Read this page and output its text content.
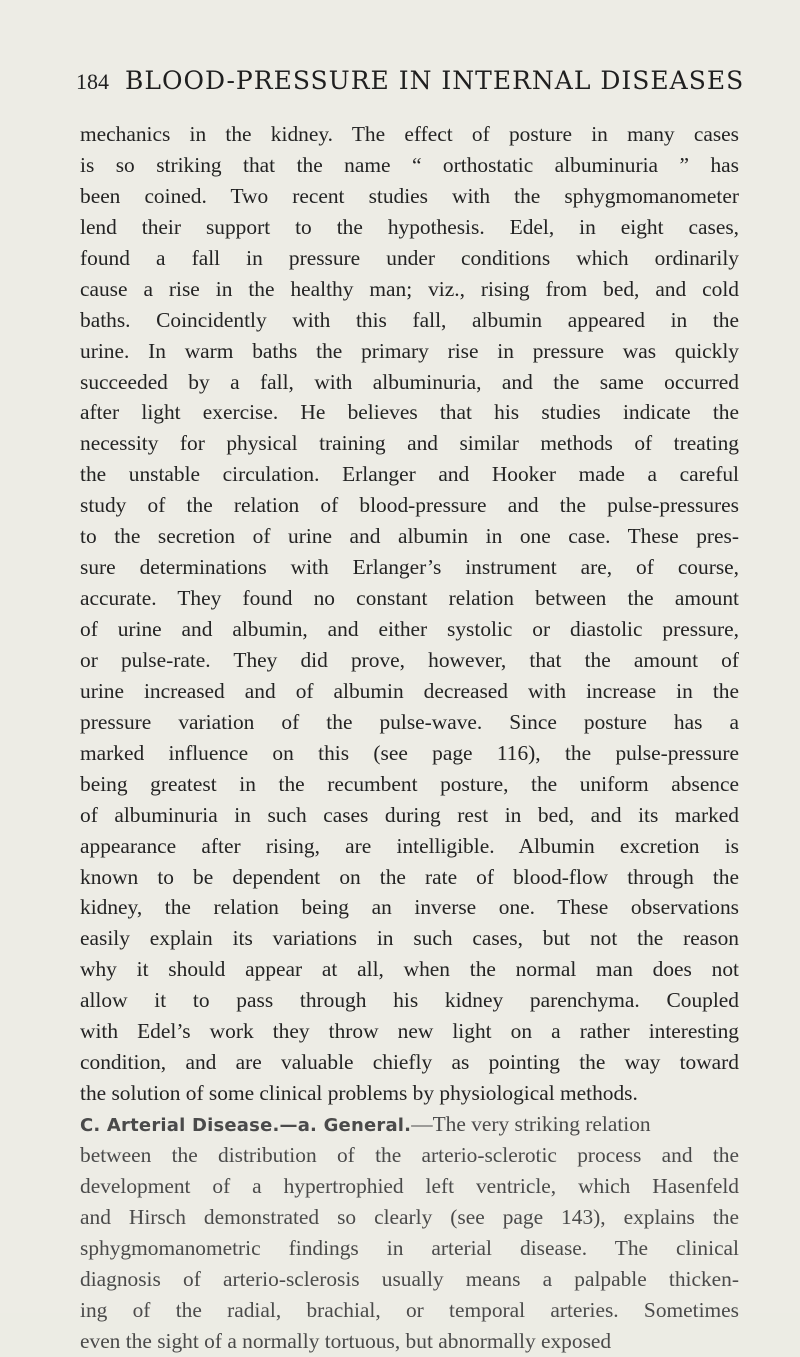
184 BLOOD-PRESSURE IN INTERNAL DISEASES
mechanics in the kidney. The effect of posture in many cases
is so striking that the name “ orthostatic albuminuria ” has
been coined. Two recent studies with the sphygmomanometer
lend their support to the hypothesis. Edel, in eight cases,
found a fall in pressure under conditions which ordinarily
cause a rise in the healthy man; viz., rising from bed, and cold
baths. Coincidently with this fall, albumin appeared in the
urine. In warm baths the primary rise in pressure was quickly
succeeded by a fall, with albuminuria, and the same occurred
after light exercise. He believes that his studies indicate the
necessity for physical training and similar methods of treating
the unstable circulation. Erlanger and Hooker made a careful
study of the relation of blood-pressure and the pulse-pressures
to the secretion of urine and albumin in one case. These pres-
sure determinations with Erlanger’s instrument are, of course,
accurate. They found no constant relation between the amount
of urine and albumin, and either systolic or diastolic pressure,
or pulse-rate. They did prove, however, that the amount of
urine increased and of albumin decreased with increase in the
pressure variation of the pulse-wave. Since posture has a
marked influence on this (see page 116), the pulse-pressure
being greatest in the recumbent posture, the uniform absence
of albuminuria in such cases during rest in bed, and its marked
appearance after rising, are intelligible. Albumin excretion is
known to be dependent on the rate of blood-flow through the
kidney, the relation being an inverse one. These observations
easily explain its variations in such cases, but not the reason
why it should appear at all, when the normal man does not
allow it to pass through his kidney parenchyma. Coupled
with Edel’s work they throw new light on a rather interesting
condition, and are valuable chiefly as pointing the way toward
the solution of some clinical problems by physiological methods.
C. Arterial Disease.—a. General.—The very striking relation
between the distribution of the arterio-sclerotic process and the
development of a hypertrophied left ventricle, which Hasenfeld
and Hirsch demonstrated so clearly (see page 143), explains the
sphygmomanometric findings in arterial disease. The clinical
diagnosis of arterio-sclerosis usually means a palpable thicken-
ing of the radial, brachial, or temporal arteries. Sometimes
even the sight of a normally tortuous, but abnormally exposed
